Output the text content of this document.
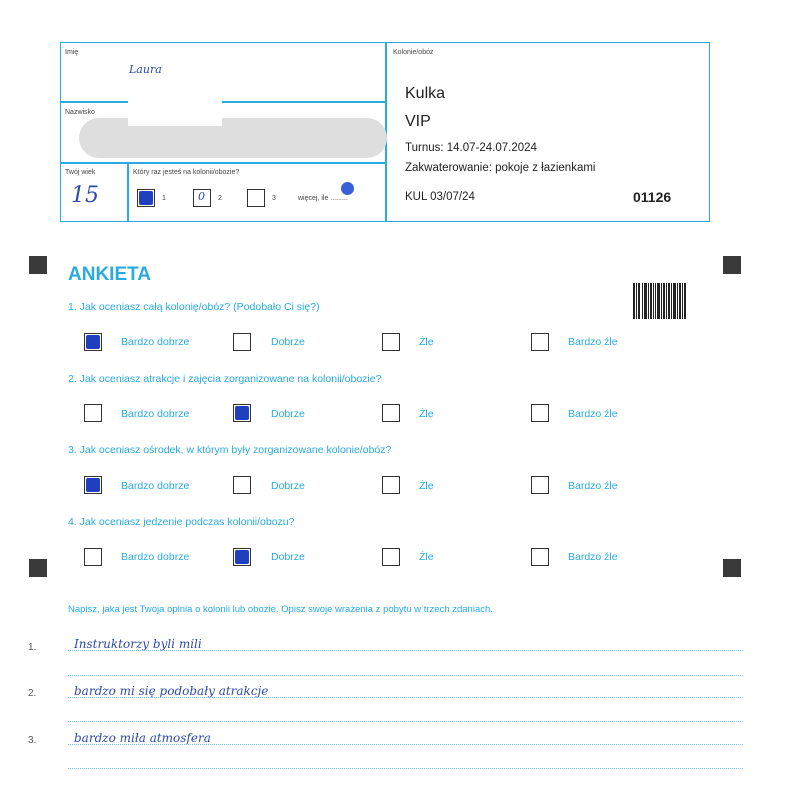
Imię
Laura
Nazwisko
Twój wiek
15
Który raz jesteś na kolonii/obozie?
1	0 2	3	więcej, ile .........
Kolonie/obóz
Kulka
VIP
Turnus: 14.07-24.07.2024
Zakwaterowanie: pokoje z łazienkami
KUL 03/07/24	01126
ANKIETA
1. Jak oceniasz całą kolonię/obóz? (Podobało Ci się?)
2. Jak oceniasz atrakcje i zajęcia zorganizowane na kolonii/obozie?
3. Jak oceniasz ośrodek, w którym były zorganizowane kolonie/obóz?
4. Jak oceniasz jedzenie podczas kolonii/obozu?
Bardzo dobrze	Dobrze	Źle	Bardzo źle
Bardzo dobrze	Dobrze	Źle	Bardzo źle
Bardzo dobrze	Dobrze	Źle	Bardzo źle
Bardzo dobrze	Dobrze	Źle	Bardzo źle
Napisz, jaka jest Twoja opinia o kolonii lub obozie. Opisz swoje wrażenia z pobytu w trzech zdaniach.
1.
2.
3.
Instruktorzy byli mili
bardzo mi się podobały atrakcje
bardzo miła atmosfera
